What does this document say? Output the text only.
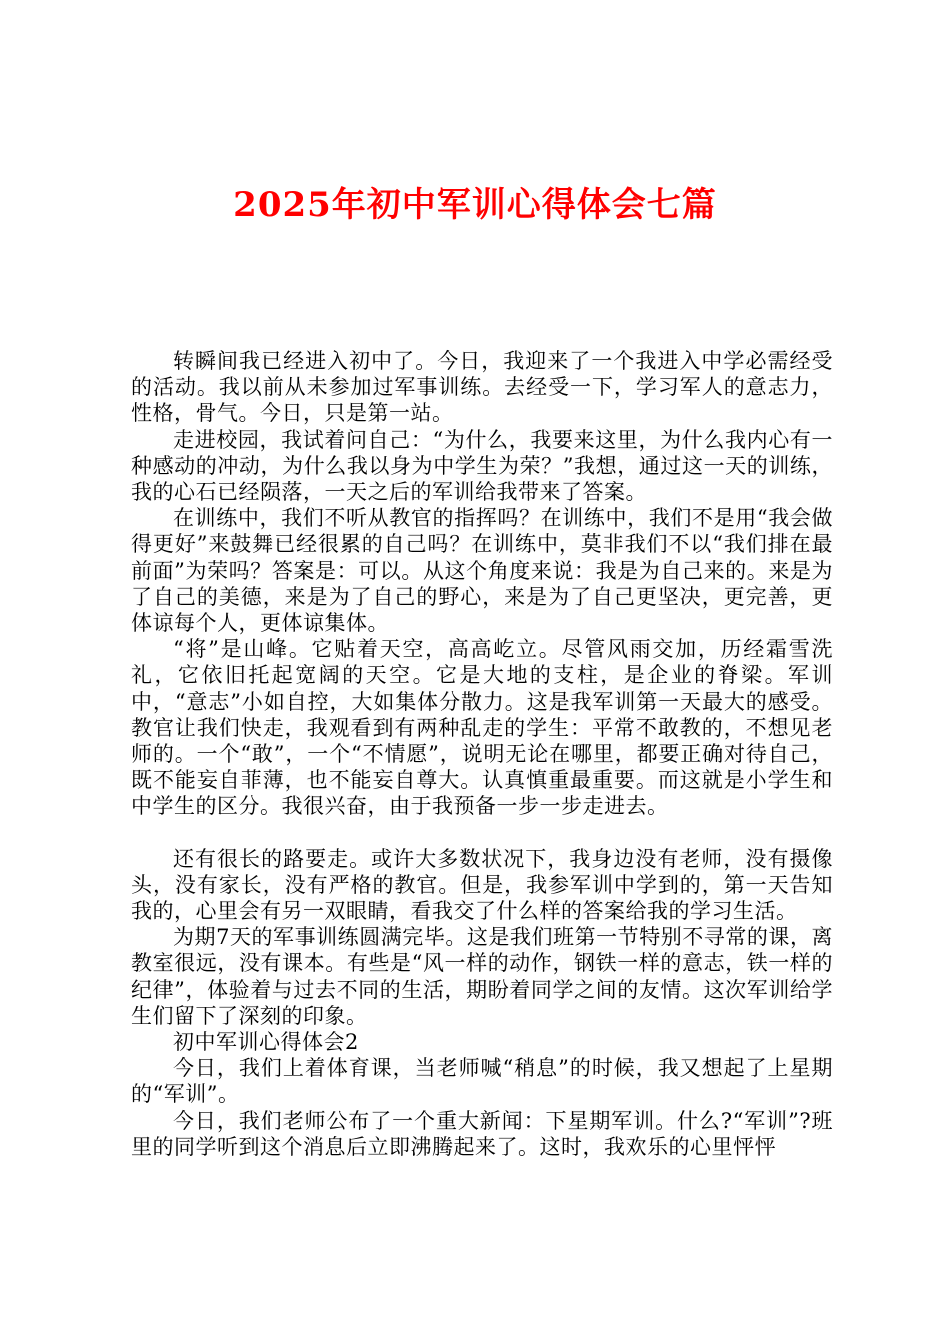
2025年初中军训心得体会七篇

转瞬间我已经进入初中了。今日，我迎来了一个我进入中学必需经受的活动。我以前从未参加过军事训练。去经受一下，学习军人的意志力，性格，骨气。今日，只是第一站。

走进校园，我试着问自己：“为什么，我要来这里，为什么我内心有一种感动的冲动，为什么我以身为中学生为荣？”我想，通过这一天的训练，我的心石已经陨落，一天之后的军训给我带来了答案。

在训练中，我们不听从教官的指挥吗？在训练中，我们不是用“我会做得更好”来鼓舞已经很累的自己吗？在训练中，莫非我们不以“我们排在最前面”为荣吗？答案是：可以。从这个角度来说：我是为自己来的。来是为了自己的美德，来是为了自己的野心，来是为了自己更坚决，更完善，更体谅每个人，更体谅集体。

“将”是山峰。它贴着天空，高高屹立。尽管风雨交加，历经霜雪洗礼，它依旧托起宽阔的天空。它是大地的支柱，是企业的脊梁。军训中，“意志”小如自控，大如集体分散力。这是我军训第一天最大的感受。教官让我们快走，我观看到有两种乱走的学生：平常不敢教的，不想见老师的。一个“敢”，一个“不情愿”，说明无论在哪里，都要正确对待自己，既不能妄自菲薄，也不能妄自尊大。认真慎重最重要。而这就是小学生和中学生的区分。我很兴奋，由于我预备一步一步走进去。

还有很长的路要走。或许大多数状况下，我身边没有老师，没有摄像头，没有家长，没有严格的教官。但是，我参军训中学到的，第一天告知我的，心里会有另一双眼睛，看我交了什么样的答案给我的学习生活。

为期7天的军事训练圆满完毕。这是我们班第一节特别不寻常的课，离教室很远，没有课本。有些是“风一样的动作，钢铁一样的意志，铁一样的纪律”，体验着与过去不同的生活，期盼着同学之间的友情。这次军训给学生们留下了深刻的印象。

初中军训心得体会2

今日，我们上着体育课，当老师喊“稍息”的时候，我又想起了上星期的“军训”。

今日，我们老师公布了一个重大新闻：下星期军训。什么?“军训”?班里的同学听到这个消息后立即沸腾起来了。这时，我欢乐的心里怦怦
